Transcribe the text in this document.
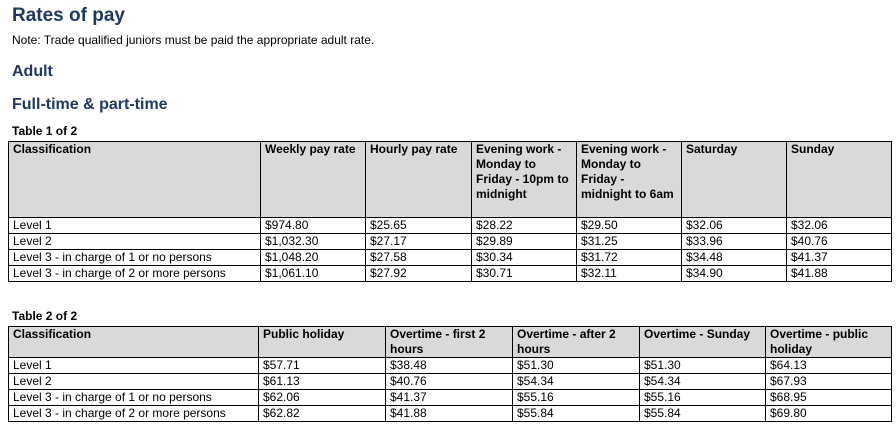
Rates of pay

Note: Trade qualified juniors must be paid the appropriate adult rate.

Adult
Full-time & part-time

Table 1 of 2

Classification	Weekly pay rate	Hourly pay rate	Evening work - Monday to Friday - 10pm to midnight	Evening work - Monday to Friday - midnight to 6am	Saturday	Sunday
Level 1	$974.80	$25.65	$28.22	$29.50	$32.06	$32.06
Level 2	$1,032.30	$27.17	$29.89	$31.25	$33.96	$40.76
Level 3 - in charge of 1 or no persons	$1,048.20	$27.58	$30.34	$31.72	$34.48	$41.37
Level 3 - in charge of 2 or more persons	$1,061.10	$27.92	$30.71	$32.11	$34.90	$41.88

Table 2 of 2

Classification	Public holiday	Overtime - first 2 hours	Overtime - after 2 hours	Overtime - Sunday	Overtime - public holiday
Level 1	$57.71	$38.48	$51.30	$51.30	$64.13
Level 2	$61.13	$40.76	$54.34	$54.34	$67.93
Level 3 - in charge of 1 or no persons	$62.06	$41.37	$55.16	$55.16	$68.95
Level 3 - in charge of 2 or more persons	$62.82	$41.88	$55.84	$55.84	$69.80
